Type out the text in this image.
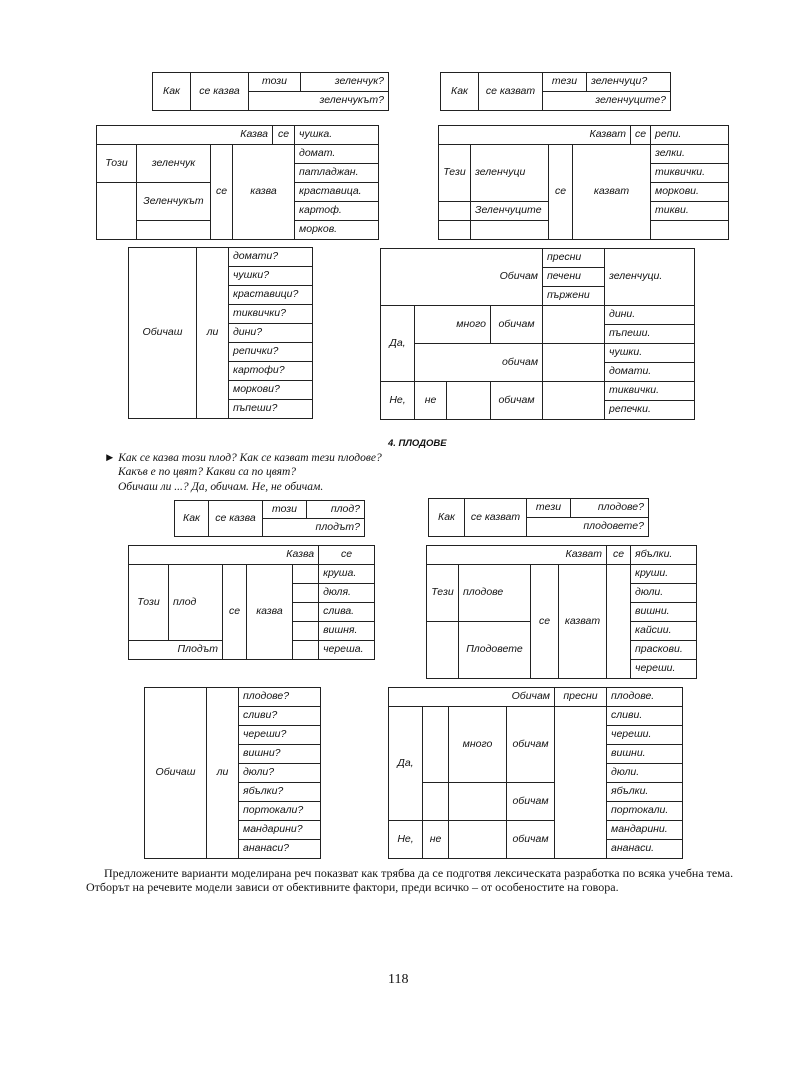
Как	се казва	този	зеленчук?
зеленчукът?
Как	се казват	тези	зеленчуци?
зеленчуците?
Казва				се	чушка.
Този	зеленчук	се	казва		домат.
					патладжан.
	Зеленчукът				краставица.
					картоф.
					морков.
Казват				се	репи.
Тези	зеленчуци	се	казват		зелки.
					тиквички.
					моркови.
	Зеленчуците				тикви.

Обичаш	ли	домати?
чушки?
краставици?
тиквички?
дини?
репички?
картофи?
моркови?
пъпеши?
Обичам				пресни	зеленчуци.
				печени	
				пържени	
Да,	много		обичам		дини.
					пъпеши.
	обичам				чушки.
					домати.
Не,	не		обичам		тиквички.
					репечки.
4. ПЛОДОВЕ
► Как се казва този плод? Как се казват тези плодове?
Какъв е по цвят? Какви са по цвят?
Обичаш ли ...? Да, обичам. Не, не обичам.
Как	се казва	този	плод?
плодът?
Как	се казват	тези	плодове?
плодовете?
Казва					се	
Този	плод	се	казва		круша.	
					дюля.	
					слива.	
					вишня.	
Плодът					череша.	
Казват				се	ябълки.
Тези	плодове	се	казват		круши.
					дюли.
					вишни.
	Плодовете				кайсии.
					праскови.
					череши.
Обичаш	ли	плодове?
сливи?
череши?
вишни?
дюли?
ябълки?
портокали?
мандарини?
ананаси?
Обичам				пресни	плодове.
Да,		много	обичам		сливи.
					череши.
					вишни.
					дюли.
			обичам		ябълки.
					портокали.
Не,	не		обичам		мандарини.
					ананаси.
Предложените варианти моделирана реч показват как трябва да се подготвя лексическата разработка по всяка учебна тема. Отборът на речевите модели зависи от обективните фактори, преди всичко – от особеностите на говора.
118
